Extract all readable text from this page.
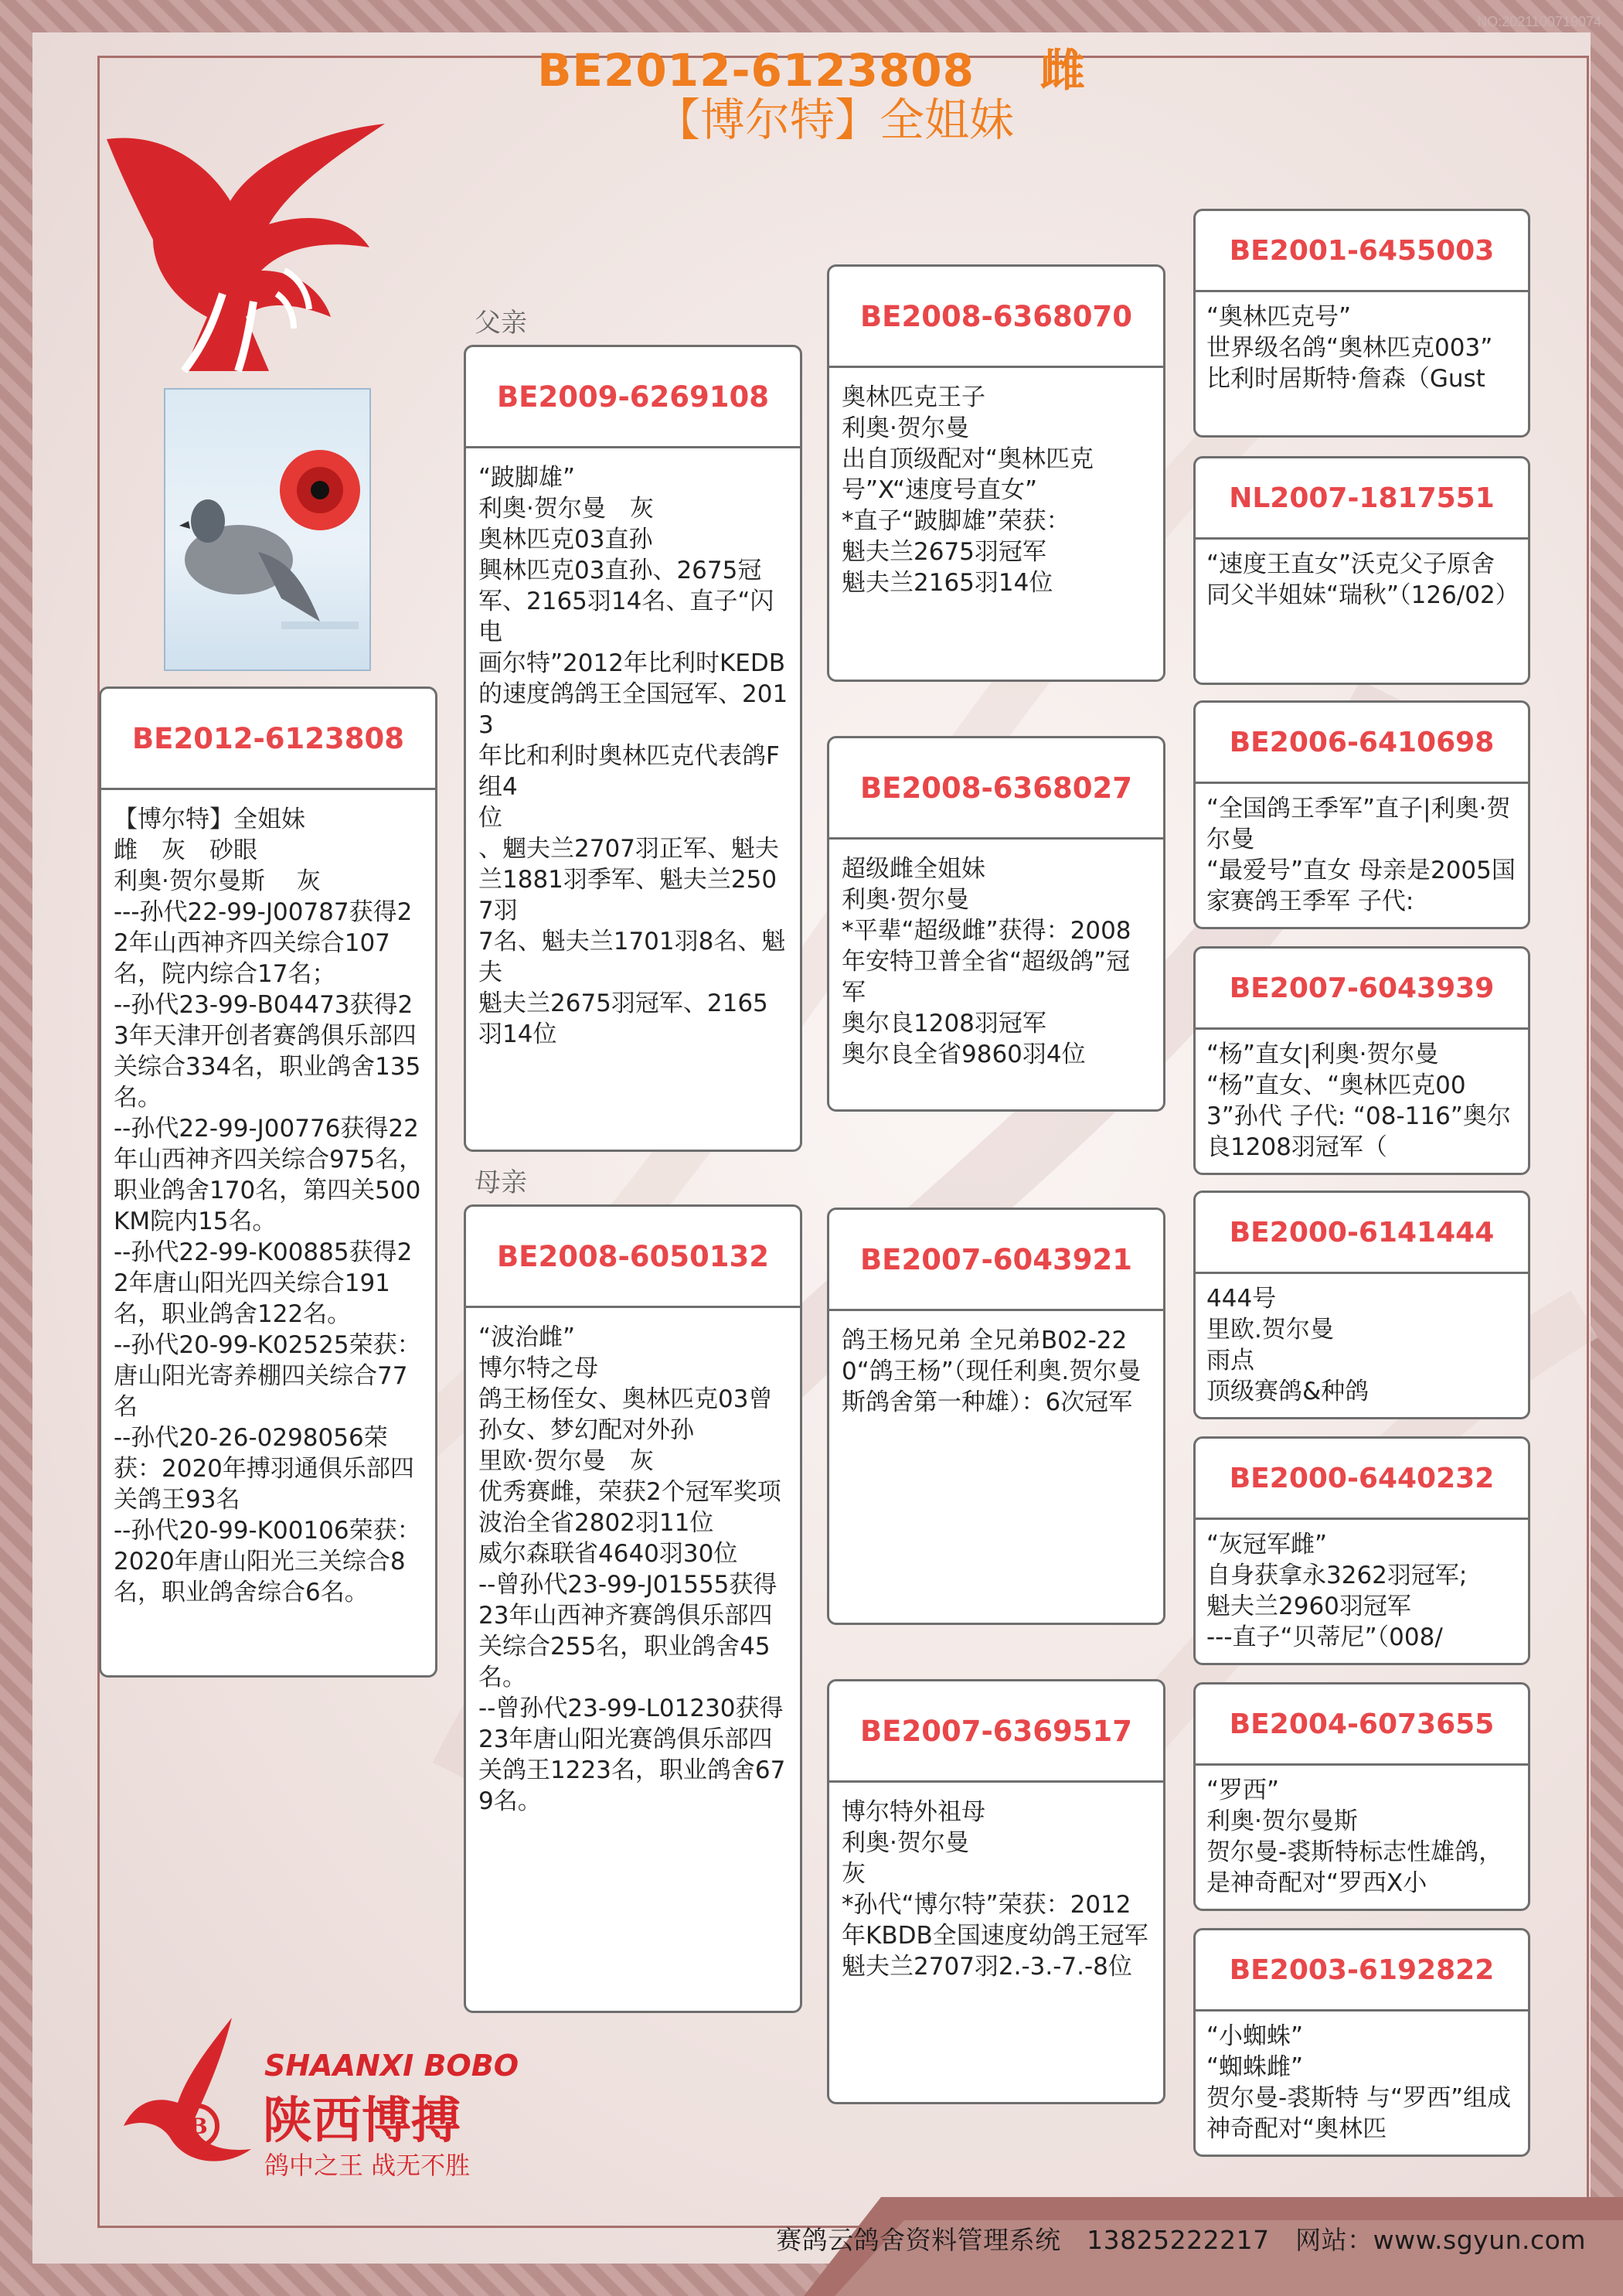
NO:2021100719074
BE2012-6123808 雌
【博尔特】全姐妹
父亲
母亲
BE2012-6123808
【博尔特】全姐妹
雌　灰　砂眼
利奥·贺尔曼斯　 灰
---孙代22-99-J00787获得22年山西神齐四关综合107名，院内综合17名；
--孙代23-99-B04473获得23年天津开创者赛鸽俱乐部四关综合334名，职业鸽舍135名。
--孙代22-99-J00776获得22年山西神齐四关综合975名，职业鸽舍170名，第四关500KM院内15名。
--孙代22-99-K00885获得22年唐山阳光四关综合191名，职业鸽舍122名。
--孙代20-99-K02525荣获：唐山阳光寄养棚四关综合77名
--孙代20-26-0298056荣获：2020年搏羽通俱乐部四关鸽王93名
--孙代20-99-K00106荣获：2020年唐山阳光三关综合8名，职业鸽舍综合6名。
BE2009-6269108
“跛脚雄”
利奥·贺尔曼　灰
奥林匹克03直孙
興林匹克03直孙、2675冠军、2165羽14名、直子“闪电
画尔特”2012年比利时KEDB
的速度鸽鸽王全国冠军、2013
年比和利时奥林匹克代表鸽F组4
位
、魍夫兰2707羽正军、魁夫
兰1881羽季军、魁夫兰2507羽
7名、魁夫兰1701羽8名、魁夫
魁夫兰2675羽冠军、2165羽14位
BE2008-6050132
“波治雌”
博尔特之母
鸽王杨侄女、奥林匹克03曾孙女、梦幻配对外孙
里欧·贺尔曼　灰
优秀赛雌，荣获2个冠军奖项
波治全省2802羽11位
威尔森联省4640羽30位
--曾孙代23-99-J01555获得23年山西神齐赛鸽俱乐部四关综合255名，职业鸽舍45名。
--曾孙代23-99-L01230获得23年唐山阳光赛鸽俱乐部四关鸽王1223名，职业鸽舍679名。
BE2008-6368070
奥林匹克王子
利奥·贺尔曼
出自顶级配对“奥林匹克号”X“速度号直女”
*直子“跛脚雄”荣获：
魁夫兰2675羽冠军
魁夫兰2165羽14位
BE2008-6368027
超级雌全姐妹
利奥·贺尔曼
*平辈“超级雌”获得：2008年安特卫普全省“超级鸽”冠军
奥尔良1208羽冠军
奥尔良全省9860羽4位
BE2007-6043921
鸽王杨兄弟 全兄弟B02-220“鸽王杨”（现任利奥.贺尔曼斯鸽舍第一种雄）：6次冠军
BE2007-6369517
博尔特外祖母
利奥·贺尔曼
灰
*孙代“博尔特”荣获：2012年KBDB全国速度幼鸽王冠军
魁夫兰2707羽2.-3.-7.-8位
BE2001-6455003
“奥林匹克号”
世界级名鸽“奥林匹克003”
比利时居斯特·詹森（Gust
NL2007-1817551
“速度王直女”沃克父子原舍
同父半姐妹“瑞秋”（126/02）
BE2006-6410698
“全国鸽王季军”直子|利奥·贺尔曼
“最爱号”直女 母亲是2005国家赛鸽王季军 子代:
BE2007-6043939
“杨”直女|利奥·贺尔曼
“杨”直女、“奥林匹克003”孙代 子代: “08-116”奥尔良1208羽冠军（
BE2000-6141444
444号
里欧.贺尔曼
雨点
顶级赛鸽&种鸽
BE2000-6440232
“灰冠军雌”
自身获拿永3262羽冠军;
魁夫兰2960羽冠军
---直子“贝蒂尼”（008/
BE2004-6073655
“罗西”
利奥·贺尔曼斯
贺尔曼-裘斯特标志性雄鸽，是神奇配对“罗西X小
BE2003-6192822
“小蜘蛛”
“蜘蛛雌”
贺尔曼-裘斯特 与“罗西”组成神奇配对“奥林匹
B
SHAANXI BOBO
陕西博搏
鸽中之王 战无不胜
赛鸽云鸽舍资料管理系统　13825222217　网站：www.sgyun.com
